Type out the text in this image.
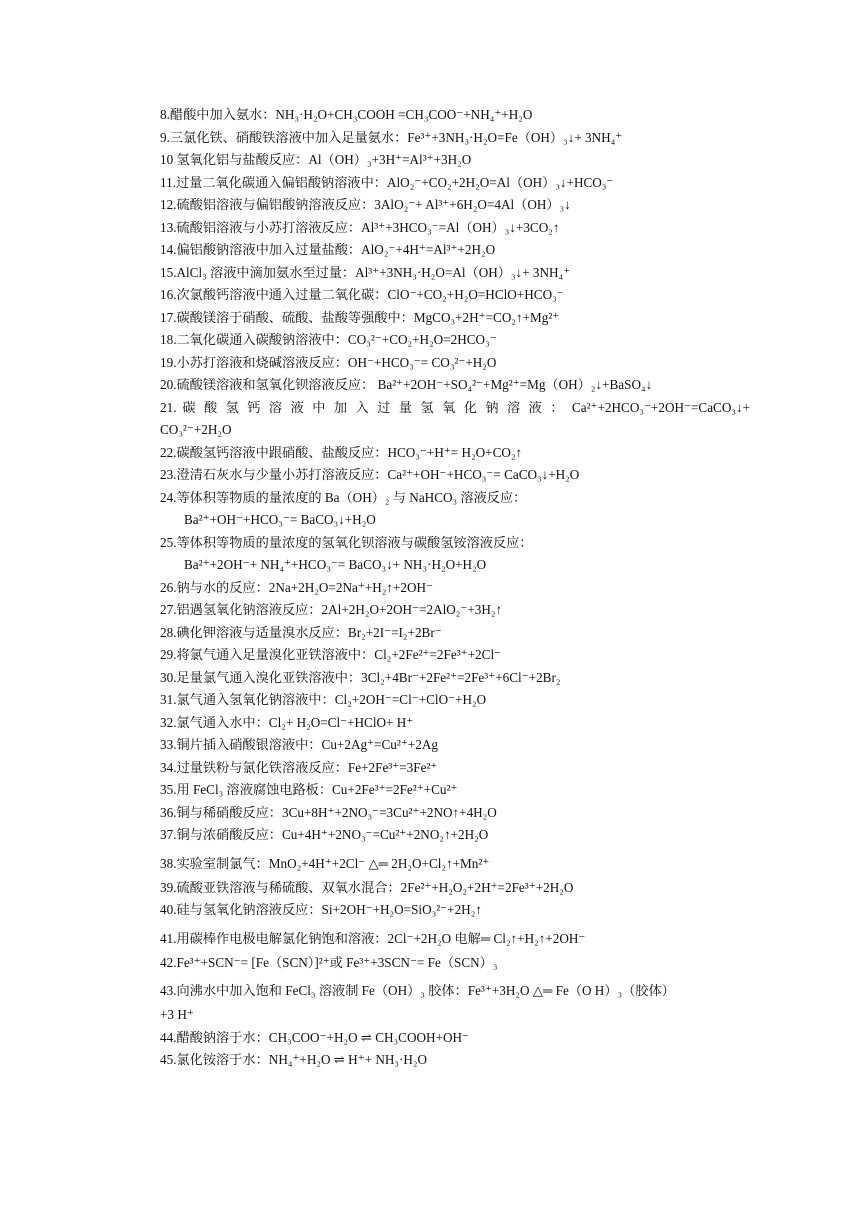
8.醋酸中加入氨水：NH₃·H₂O+CH₃COOH =CH₃COO⁻+NH₄⁺+H₂O
9.三氯化铁、硝酸铁溶液中加入足量氨水：Fe³⁺+3NH₃·H₂O=Fe（OH）₃↓+ 3NH₄⁺
10 氢氧化铝与盐酸反应：Al（OH）₃+3H⁺=Al³⁺+3H₂O
11.过量二氧化碳通入偏铝酸钠溶液中：AlO₂⁻+CO₂+2H₂O=Al（OH）₃↓+HCO₃⁻
12.硫酸铝溶液与偏铝酸钠溶液反应：3AlO₂⁻+ Al³⁺+6H₂O=4Al（OH）₃↓
13.硫酸铝溶液与小苏打溶液反应：Al³⁺+3HCO₃⁻=Al（OH）₃↓+3CO₂↑
14.偏铝酸钠溶液中加入过量盐酸：AlO₂⁻+4H⁺=Al³⁺+2H₂O
15.AlCl₃ 溶液中滴加氨水至过量：Al³⁺+3NH₃·H₂O=Al（OH）₃↓+ 3NH₄⁺
16.次氯酸钙溶液中通入过量二氧化碳：ClO⁻+CO₂+H₂O=HClO+HCO₃⁻
17.碳酸镁溶于硝酸、硫酸、盐酸等强酸中：MgCO₃+2H⁺=CO₂↑+Mg²⁺
18.二氧化碳通入碳酸钠溶液中：CO₃²⁻+CO₂+H₂O=2HCO₃⁻
19.小苏打溶液和烧碱溶液反应：OH⁻+HCO₃⁻= CO₃²⁻+H₂O
20.硫酸镁溶液和氢氧化钡溶液反应： Ba²⁺+2OH⁻+SO₄²⁻+Mg²⁺=Mg（OH）₂↓+BaSO₄↓
21. 碳 酸 氢 钙 溶 液 中 加 入 过 量 氢 氧 化 钠 溶 液 ： Ca²⁺+2HCO₃⁻+2OH⁻=CaCO₃↓+
CO₃²⁻+2H₂O
22.碳酸氢钙溶液中跟硝酸、盐酸反应：HCO₃⁻+H⁺= H₂O+CO₂↑
23.澄清石灰水与少量小苏打溶液反应：Ca²⁺+OH⁻+HCO₃⁻= CaCO₃↓+H₂O
24.等体积等物质的量浓度的 Ba（OH）₂ 与 NaHCO₃ 溶液反应：
Ba²⁺+OH⁻+HCO₃⁻= BaCO₃↓+H₂O
25.等体积等物质的量浓度的氢氧化钡溶液与碳酸氢铵溶液反应：
Ba²⁺+2OH⁻+ NH₄⁺+HCO₃⁻= BaCO₃↓+ NH₃·H₂O+H₂O
26.钠与水的反应：2Na+2H₂O=2Na⁺+H₂↑+2OH⁻
27.铝遇氢氧化钠溶液反应：2Al+2H₂O+2OH⁻=2AlO₂⁻+3H₂↑
28.碘化钾溶液与适量溴水反应：Br₂+2I⁻=I₂+2Br⁻
29.将氯气通入足量溴化亚铁溶液中：Cl₂+2Fe²⁺=2Fe³⁺+2Cl⁻
30.足量氯气通入溴化亚铁溶液中：3Cl₂+4Br⁻+2Fe²⁺=2Fe³⁺+6Cl⁻+2Br₂
31.氯气通入氢氧化钠溶液中：Cl₂+2OH⁻=Cl⁻+ClO⁻+H₂O
32.氯气通入水中：Cl₂+ H₂O=Cl⁻+HClO+ H⁺
33.铜片插入硝酸银溶液中：Cu+2Ag⁺=Cu²⁺+2Ag
34.过量铁粉与氯化铁溶液反应：Fe+2Fe³⁺=3Fe²⁺
35.用 FeCl₃ 溶液腐蚀电路板：Cu+2Fe³⁺=2Fe²⁺+Cu²⁺
36.铜与稀硝酸反应：3Cu+8H⁺+2NO₃⁻=3Cu²⁺+2NO↑+4H₂O
37.铜与浓硝酸反应：Cu+4H⁺+2NO₃⁻=Cu²⁺+2NO₂↑+2H₂O
38.实验室制氯气：MnO₂+4H⁺+2Cl⁻ △═ 2H₂O+Cl₂↑+Mn²⁺
39.硫酸亚铁溶液与稀硫酸、双氧水混合：2Fe²⁺+H₂O₂+2H⁺=2Fe³⁺+2H₂O
40.硅与氢氧化钠溶液反应：Si+2OH⁻+H₂O=SiO₃²⁻+2H₂↑
41.用碳棒作电极电解氯化钠饱和溶液：2Cl⁻+2H₂O 电解═ Cl₂↑+H₂↑+2OH⁻
42.Fe³⁺+SCN⁻= [Fe（SCN）]²⁺或 Fe³⁺+3SCN⁻= Fe（SCN）₃
43.向沸水中加入饱和 FeCl₃ 溶液制 Fe（OH）₃ 胶体：Fe³⁺+3H₂O △═ Fe（O H）₃（胶体）
+3 H⁺
44.醋酸钠溶于水：CH₃COO⁻+H₂O ⇌ CH₃COOH+OH⁻
45.氯化铵溶于水：NH₄⁺+H₂O ⇌ H⁺+ NH₃·H₂O
